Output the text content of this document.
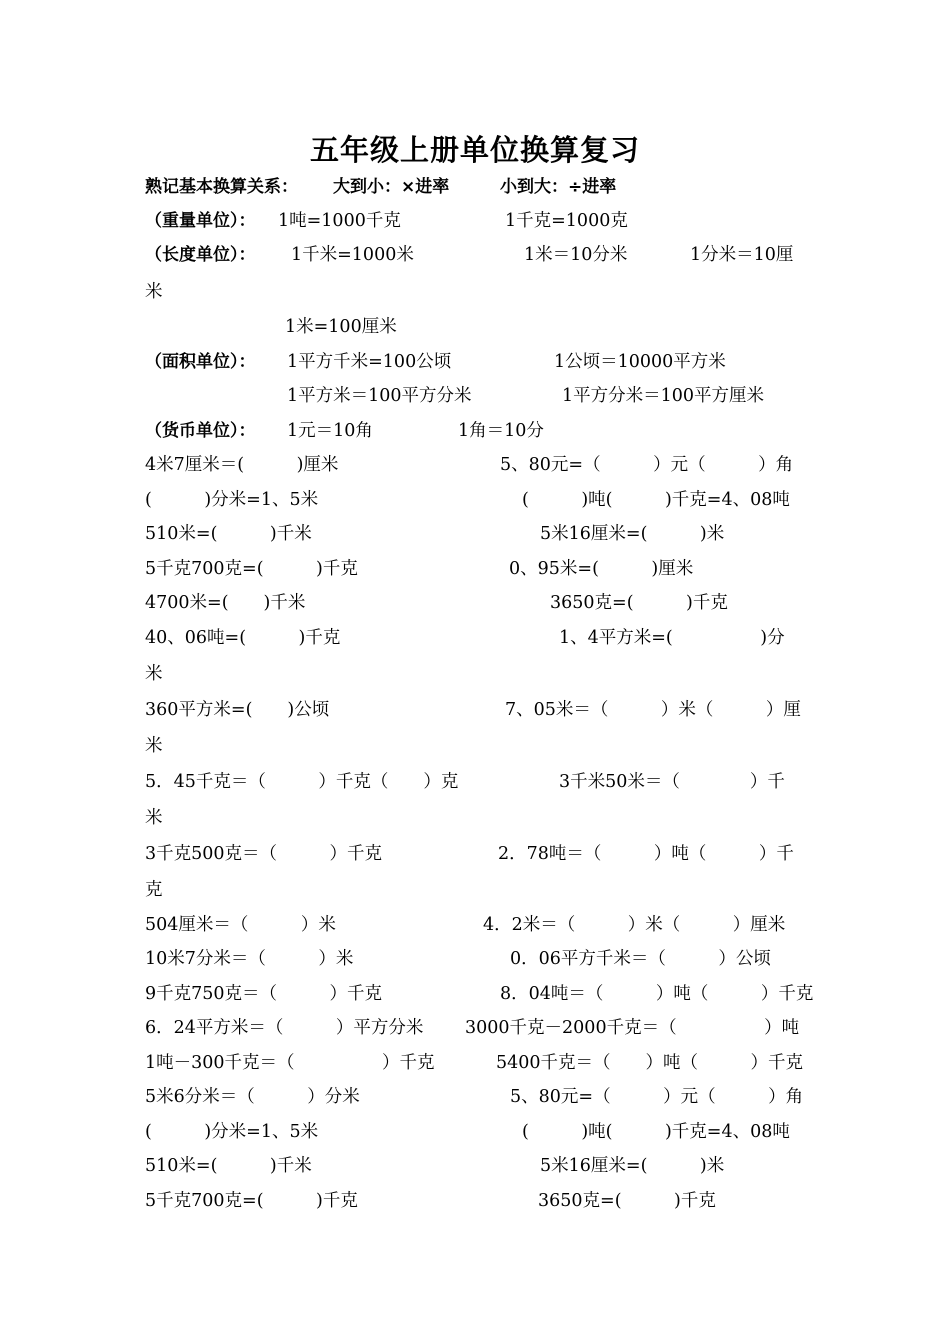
五年级上册单位换算复习
熟记基本换算关系： 大到小：×进率	小到大：÷进率
（重量单位）： 1吨=1000千克	1千克=1000克
（长度单位）： 1千米=1000米	1米＝10分米	1分米＝10厘
米
1米=100厘米
（面积单位）： 1平方千米=100公顷	1公顷＝10000平方米
1平方米＝100平方分米	1平方分米＝100平方厘米
（货币单位）： 1元＝10角	1角＝10分
4米7厘米＝(　　　)厘米	5、80元=（　　　）元（　　　）角
(　　　)分米=1、5米	(　　　)吨(　　　)千克=4、08吨
510米=(　　　)千米	5米16厘米=(　　　)米
5千克700克=(　　　)千克	0、95米=(　　　)厘米
4700米=(　　)千米	3650克=(　　　)千克
40、06吨=(　　　)千克	1、4平方米=(　　　　　)分
米
360平方米=(　　)公顷	7、05米＝（　　　）米（　　　）厘
米
5．45千克＝（　　　）千克（　　）克	3千米50米＝（　　　　）千
米
3千克500克＝（　　　）千克	2．78吨＝（　　　）吨（　　　）千
克
504厘米＝（　　　）米	4．2米＝（　　　）米（　　　）厘米
10米7分米＝（　　　）米	0．06平方千米＝（　　　）公顷
9千克750克＝（　　　）千克	8．04吨＝（　　　）吨（　　　）千克
6．24平方米＝（　　　）平方分米 3000千克－2000千克＝（　　　　　）吨
1吨－300千克＝（　　　　　）千克	5400千克＝（　　）吨（　　　）千克
5米6分米＝（　　　）分米	5、80元=（　　　）元（　　　）角
(　　　)分米=1、5米	(　　　)吨(　　　)千克=4、08吨
510米=(　　　)千米	5米16厘米=(　　　)米
5千克700克=(　　　)千克	3650克=(　　　)千克
